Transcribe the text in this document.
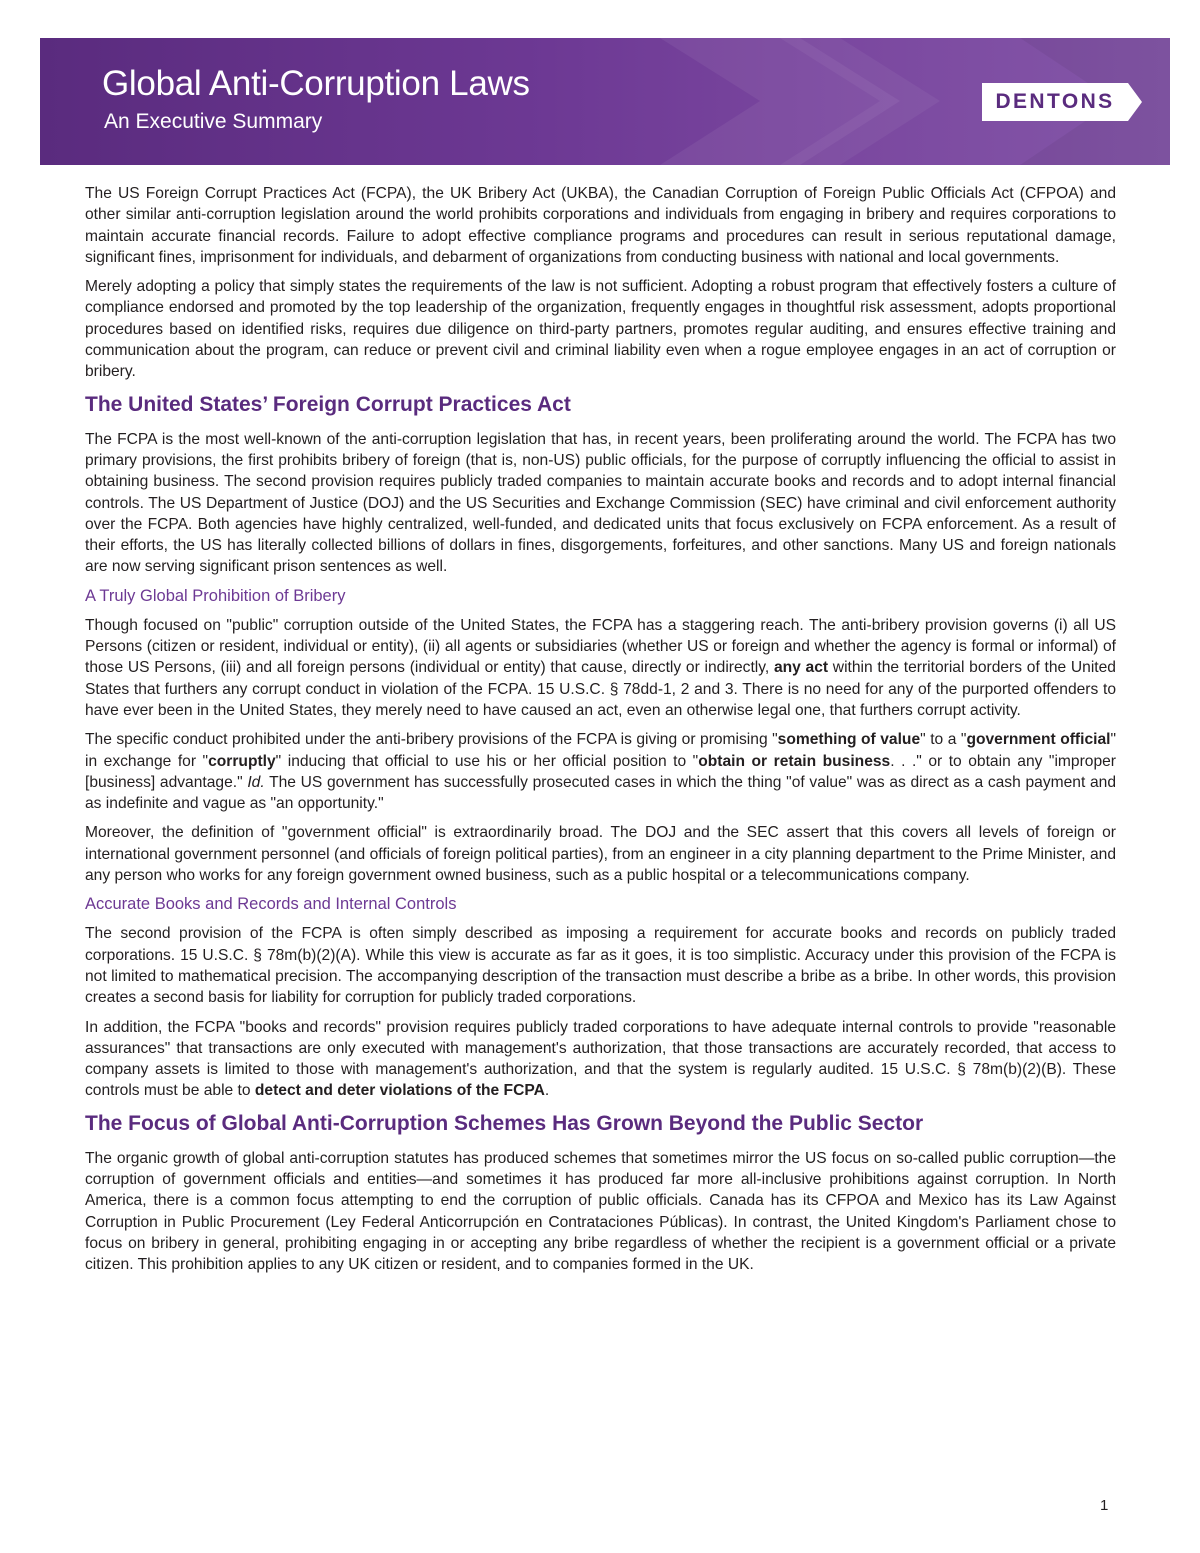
Global Anti-Corruption Laws
An Executive Summary
DENTONS

The US Foreign Corrupt Practices Act (FCPA), the UK Bribery Act (UKBA), the Canadian Corruption of Foreign Public Officials Act (CFPOA) and other similar anti-corruption legislation around the world prohibits corporations and individuals from engaging in bribery and requires corporations to maintain accurate financial records. Failure to adopt effective compliance programs and procedures can result in serious reputational damage, significant fines, imprisonment for individuals, and debarment of organizations from conducting business with national and local governments.

Merely adopting a policy that simply states the requirements of the law is not sufficient. Adopting a robust program that effectively fosters a culture of compliance endorsed and promoted by the top leadership of the organization, frequently engages in thoughtful risk assessment, adopts proportional procedures based on identified risks, requires due diligence on third-party partners, promotes regular auditing, and ensures effective training and communication about the program, can reduce or prevent civil and criminal liability even when a rogue employee engages in an act of corruption or bribery.

The United States’ Foreign Corrupt Practices Act

The FCPA is the most well-known of the anti-corruption legislation that has, in recent years, been proliferating around the world. The FCPA has two primary provisions, the first prohibits bribery of foreign (that is, non-US) public officials, for the purpose of corruptly influencing the official to assist in obtaining business. The second provision requires publicly traded companies to maintain accurate books and records and to adopt internal financial controls. The US Department of Justice (DOJ) and the US Securities and Exchange Commission (SEC) have criminal and civil enforcement authority over the FCPA. Both agencies have highly centralized, well-funded, and dedicated units that focus exclusively on FCPA enforcement. As a result of their efforts, the US has literally collected billions of dollars in fines, disgorgements, forfeitures, and other sanctions. Many US and foreign nationals are now serving significant prison sentences as well.

A Truly Global Prohibition of Bribery

Though focused on "public" corruption outside of the United States, the FCPA has a staggering reach. The anti-bribery provision governs (i) all US Persons (citizen or resident, individual or entity), (ii) all agents or subsidiaries (whether US or foreign and whether the agency is formal or informal) of those US Persons, (iii) and all foreign persons (individual or entity) that cause, directly or indirectly, any act within the territorial borders of the United States that furthers any corrupt conduct in violation of the FCPA. 15 U.S.C. § 78dd-1, 2 and 3. There is no need for any of the purported offenders to have ever been in the United States, they merely need to have caused an act, even an otherwise legal one, that furthers corrupt activity.

The specific conduct prohibited under the anti-bribery provisions of the FCPA is giving or promising "something of value" to a "government official" in exchange for "corruptly" inducing that official to use his or her official position to "obtain or retain business. . ." or to obtain any "improper [business] advantage." Id. The US government has successfully prosecuted cases in which the thing "of value" was as direct as a cash payment and as indefinite and vague as "an opportunity."

Moreover, the definition of "government official" is extraordinarily broad. The DOJ and the SEC assert that this covers all levels of foreign or international government personnel (and officials of foreign political parties), from an engineer in a city planning department to the Prime Minister, and any person who works for any foreign government owned business, such as a public hospital or a telecommunications company.

Accurate Books and Records and Internal Controls

The second provision of the FCPA is often simply described as imposing a requirement for accurate books and records on publicly traded corporations. 15 U.S.C. § 78m(b)(2)(A). While this view is accurate as far as it goes, it is too simplistic. Accuracy under this provision of the FCPA is not limited to mathematical precision. The accompanying description of the transaction must describe a bribe as a bribe. In other words, this provision creates a second basis for liability for corruption for publicly traded corporations.

In addition, the FCPA "books and records" provision requires publicly traded corporations to have adequate internal controls to provide "reasonable assurances" that transactions are only executed with management's authorization, that those transactions are accurately recorded, that access to company assets is limited to those with management's authorization, and that the system is regularly audited. 15 U.S.C. § 78m(b)(2)(B). These controls must be able to detect and deter violations of the FCPA.

The Focus of Global Anti-Corruption Schemes Has Grown Beyond the Public Sector

The organic growth of global anti-corruption statutes has produced schemes that sometimes mirror the US focus on so-called public corruption—the corruption of government officials and entities—and sometimes it has produced far more all-inclusive prohibitions against corruption. In North America, there is a common focus attempting to end the corruption of public officials. Canada has its CFPOA and Mexico has its Law Against Corruption in Public Procurement (Ley Federal Anticorrupción en Contrataciones Públicas). In contrast, the United Kingdom's Parliament chose to focus on bribery in general, prohibiting engaging in or accepting any bribe regardless of whether the recipient is a government official or a private citizen. This prohibition applies to any UK citizen or resident, and to companies formed in the UK.

1
